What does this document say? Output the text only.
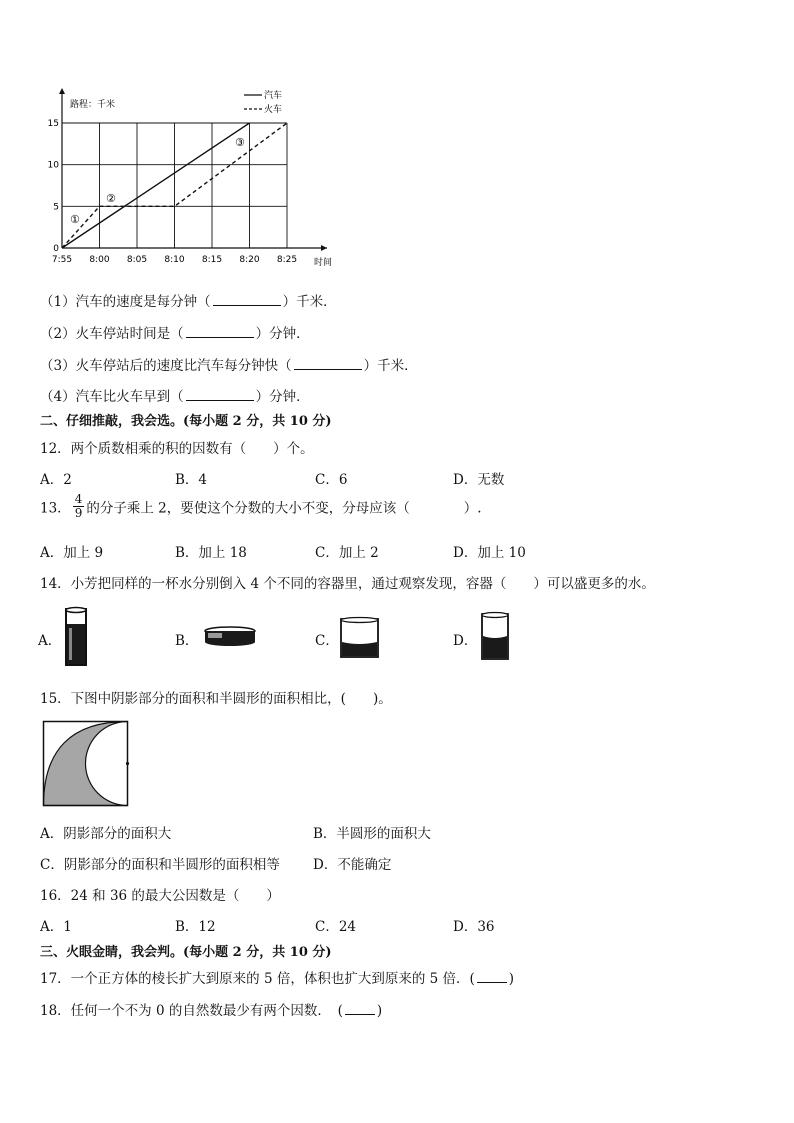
7:55 8:00 8:05 8:10 8:15 8:20 8:25
0
5
10
15
路程：千米
时间
汽车
火车
①
②
③
（1）汽车的速度是每分钟（	）千米．
（2）火车停站时间是（	）分钟．
（3）火车停站后的速度比汽车每分钟快（	）千米．
（4）汽车比火车早到（	）分钟．
二、仔细推敲，我会选。(每小题 2 分，共 10 分)
12．两个质数相乘的积的因数有（　　）个。
A．2	B．4	C．6	D．无数
13． $\frac{4}{9}$ 的分子乘上 2，要使这个分数的大小不变，分母应该（　　　　）.
A．加上 9	B．加上 18	C．加上 2	D．加上 10
14．小芳把同样的一杯水分别倒入 4 个不同的容器里，通过观察发现，容器（　　）可以盛更多的水。
A．	B．	C．	D．
15．下图中阴影部分的面积和半圆形的面积相比，(　　)。
A．阴影部分的面积大	B．半圆形的面积大
C．阴影部分的面积和半圆形的面积相等 D．不能确定
16．24 和 36 的最大公因数是（　　）
A．1	B．12	C．24	D．36
三、火眼金睛，我会判。(每小题 2 分，共 10 分)
17．一个正方体的棱长扩大到原来的 5 倍，体积也扩大到原来的 5 倍．(	)
18．任何一个不为 0 的自然数最少有两个因数．　(	)
